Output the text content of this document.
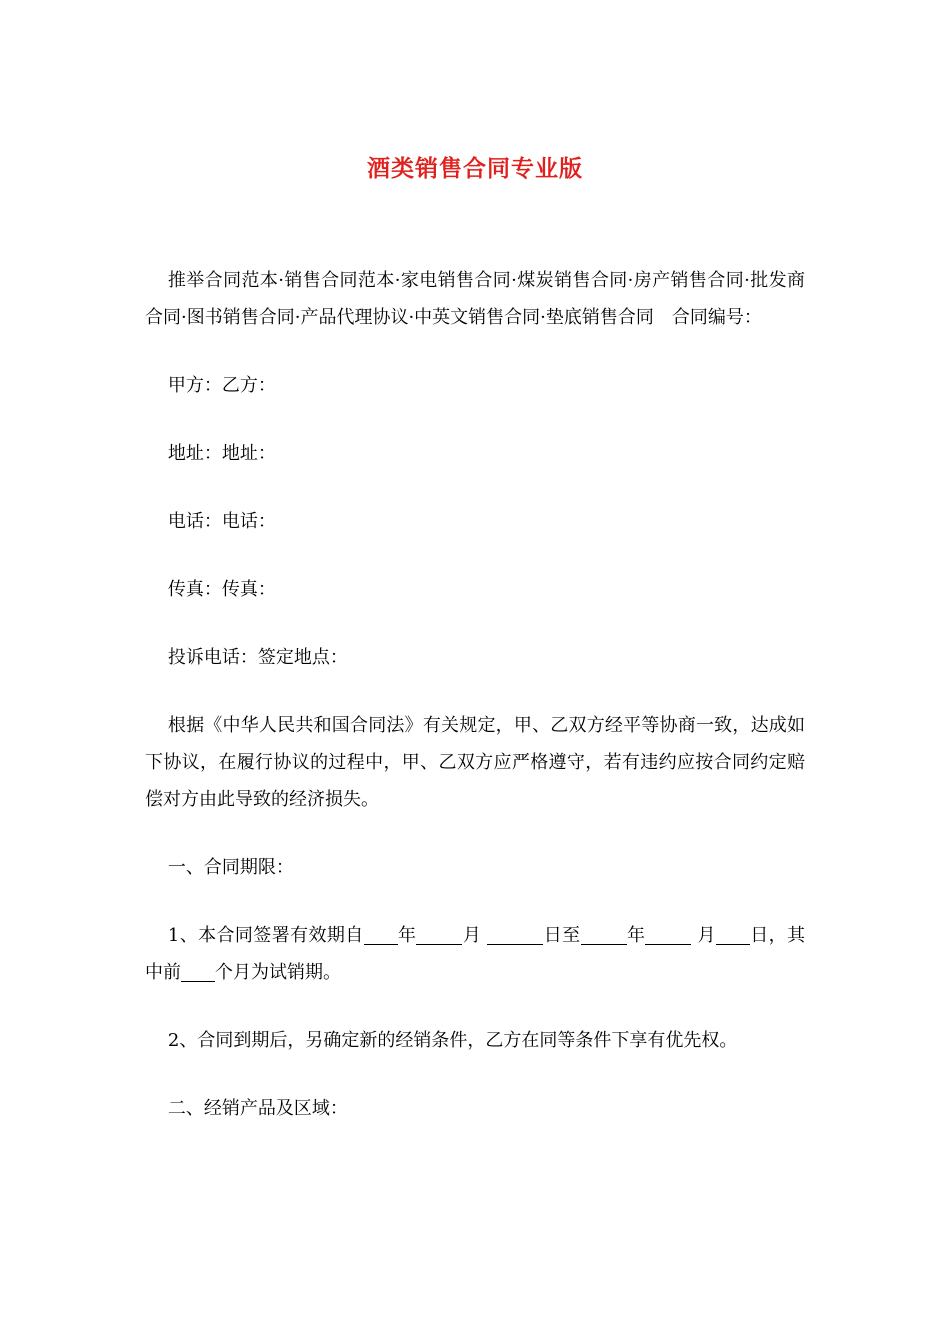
酒类销售合同专业版

推举合同范本·销售合同范本·家电销售合同·煤炭销售合同·房产销售合同·批发商合同·图书销售合同·产品代理协议·中英文销售合同·垫底销售合同　合同编号：

甲方：乙方：

地址：地址：

电话：电话：

传真：传真：

投诉电话：签定地点：

根据《中华人民共和国合同法》有关规定，甲、乙双方经平等协商一致，达成如下协议，在履行协议的过程中，甲、乙双方应严格遵守，若有违约应按合同约定赔偿对方由此导致的经济损失。

一、合同期限：

1、本合同签署有效期自 年	月	日至	年	月 日，其中前 个月为试销期。

2、合同到期后，另确定新的经销条件，乙方在同等条件下享有优先权。

二、经销产品及区域：
